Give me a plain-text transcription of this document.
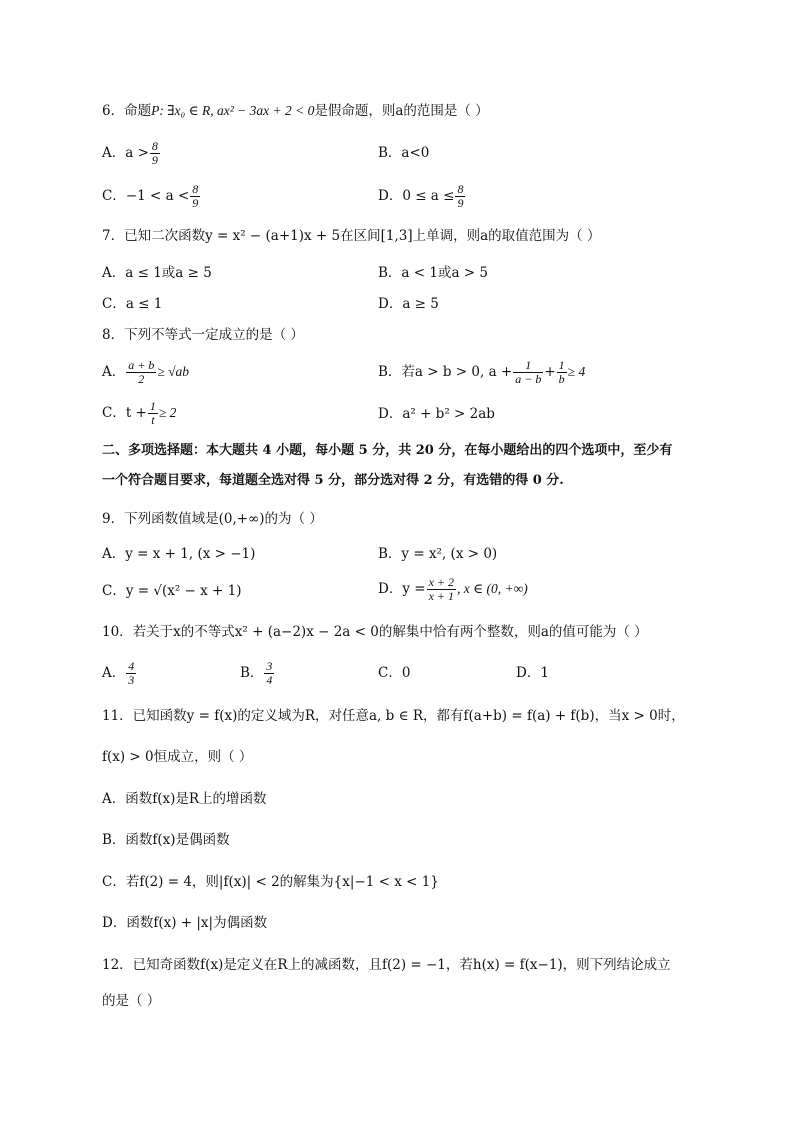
6．命题P: ∃x₀ ∈ R, ax² − 3ax + 2 < 0是假命题，则a的范围是（ ）
A．$a > \frac{8}{9}$	B．a<0
C．$-1 < a < \frac{8}{9}$	D．$0 \le a \le \frac{8}{9}$
7．已知二次函数y = x² − (a+1)x + 5在区间[1,3]上单调，则a的取值范围为（ ）
A．a ≤ 1或a ≥ 5	B．a < 1或a > 5
C．a ≤ 1	D．a ≥ 5
8．下列不等式一定成立的是（ ）
A． $\frac{a + b}{2} \ge √ab$	B．若a > b > 0, $a + \frac{1}{a - b} + \frac{1}{b} \ge 4$
C．$t + \frac{1}{t} \ge 2$	D．a² + b² > 2ab
二、多项选择题：本大题共 4 小题，每小题 5 分，共 20 分，在每小题给出的四个选项中，至少有
一个符合题目要求，每道题全选对得 5 分，部分选对得 2 分，有选错的得 0 分.
9．下列函数值域是(0,+∞)的为（ ）
A．y = x + 1, (x > −1)	B．y = x², (x > 0)
C．y = √(x² − x + 1)	D．$y = \frac{x + 2}{x + 1}$ , x ∈ (0, +∞)
10．若关于x的不等式x² + (a−2)x − 2a < 0的解集中恰有两个整数，则a的值可能为（ ）
A． $\frac{4}{3}$	B． $\frac{3}{4}$	C．0	D．1
11．已知函数y = f(x)的定义域为R，对任意a, b ∈ R，都有f(a+b) = f(a) + f(b)，当x > 0时，
f(x) > 0恒成立，则（ ）
A．函数f(x)是R上的增函数
B．函数f(x)是偶函数
C．若f(2) = 4，则|f(x)| < 2的解集为{x|−1 < x < 1}
D．函数f(x) + |x|为偶函数
12．已知奇函数f(x)是定义在R上的减函数，且f(2) = −1，若h(x) = f(x−1)，则下列结论成立
的是（ ）
